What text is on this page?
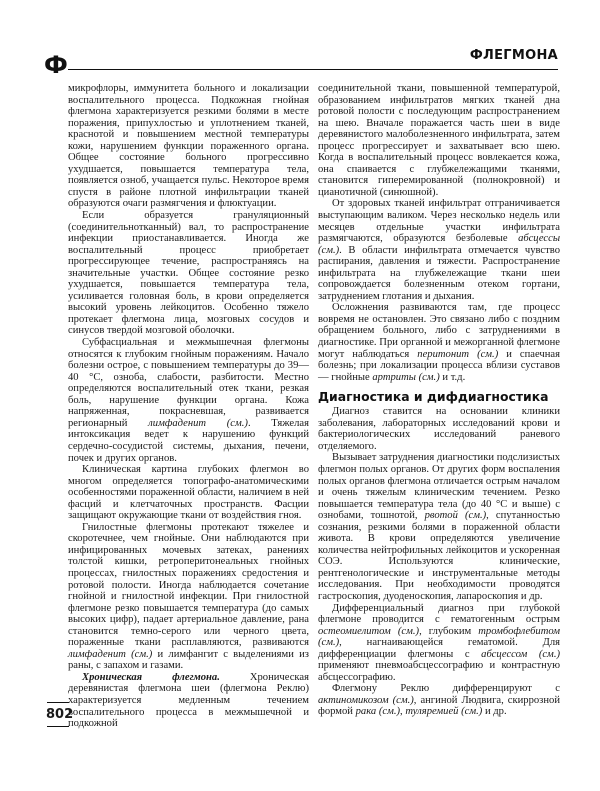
Ф	ФЛЕГМОНА

микрофлоры, иммунитета больного и локализации воспалительного процесса. Подкожная гнойная флегмона характеризуется резкими болями в месте поражения, припухлостью и уплотнением тканей, краснотой и повышением местной температуры кожи, нарушением функции пораженного органа. Общее состояние больного прогрессивно ухудшается, повышается температура тела, появляется озноб, учащается пульс. Некоторое время спустя в районе плотной инфильтрации тканей образуются очаги размягчения и флюктуации.

Если образуется грануляционный (соединительнотканный) вал, то распространение инфекции приостанавливается. Иногда же воспалительный процесс приобретает прогрессирующее течение, распространяясь на значительные участки. Общее состояние резко ухудшается, повышается температура тела, усиливается головная боль, в крови определяется высокий уровень лейкоцитов. Особенно тяжело протекает флегмона лица, мозговых сосудов и синусов твердой мозговой оболочки.

Субфасциальная и межмышечная флегмоны относятся к глубоким гнойным поражениям. Начало болезни острое, с повышением температуры до 39—40 °С, озноба, слабости, разбитости. Местно определяются воспалительный отек ткани, резкая боль, нарушение функции органа. Кожа напряженная, покрасневшая, развивается регионарный лимфаденит (см.). Тяжелая интоксикация ведет к нарушению функций сердечно-сосудистой системы, дыхания, печени, почек и других органов.

Клиническая картина глубоких флегмон во многом определяется топографо-анатомическими особенностями пораженной области, наличием в ней фасций и клетчаточных пространств. Фасции защищают окружающие ткани от воздействия гноя.

Гнилостные флегмоны протекают тяжелее и скоротечнее, чем гнойные. Они наблюдаются при инфицированных мочевых затеках, ранениях толстой кишки, ретроперитонеальных гнойных процессах, гнилостных поражениях средостения и ротовой полости. Иногда наблюдается сочетание гнойной и гнилостной инфекции. При гнилостной флегмоне резко повышается температура (до самых высоких цифр), падает артериальное давление, рана становится темно-серого или черного цвета, пораженные ткани расплавляются, развиваются лимфаденит (см.) и лимфангит с выделениями из раны, с запахом и газами.

Хроническая флегмона. Хроническая деревянистая флегмона шеи (флегмона Реклю) характеризуется медленным течением воспалительного процесса в межмышечной и подкожной

соединительной ткани, повышенной температурой, образованием инфильтратов мягких тканей дна ротовой полости с последующим распространением на шею. Вначале поражается часть шеи в виде деревянистого малоболезненного инфильтрата, затем процесс прогрессирует и захватывает всю шею. Когда в воспалительный процесс вовлекается кожа, она спаивается с глубжележащими тканями, становится гиперемированной (полнокровной) и цианотичной (синюшной).

От здоровых тканей инфильтрат отграничивается выступающим валиком. Через несколько недель или месяцев отдельные участки инфильтрата размягчаются, образуются безболевые абсцессы (см.). В области инфильтрата отмечается чувство распирания, давления и тяжести. Распространение инфильтрата на глубжележащие ткани шеи сопровождается болезненным отеком гортани, затруднением глотания и дыхания.

Осложнения развиваются там, где процесс вовремя не остановлен. Это связано либо с поздним обращением больного, либо с затруднениями в диагностике. При органной и межорганной флегмоне могут наблюдаться перитонит (см.) и спаечная болезнь; при локализации процесса вблизи суставов — гнойные артриты (см.) и т.д.

Диагностика и дифдиагностика

Диагноз ставится на основании клиники заболевания, лабораторных исследований крови и бактериологических исследований раневого отделяемого.

Вызывает затруднения диагностики подслизистых флегмон полых органов. От других форм воспаления полых органов флегмона отличается острым началом и очень тяжелым клиническим течением. Резко повышается температура тела (до 40 °С и выше) с ознобами, тошнотой, рвотой (см.), спутанностью сознания, резкими болями в пораженной области живота. В крови определяются увеличение количества нейтрофильных лейкоцитов и ускоренная СОЭ. Используются клинические, рентгенологические и инструментальные методы исследования. При необходимости проводятся гастроскопия, дуоденоскопия, лапароскопия и др.

Дифференциальный диагноз при глубокой флегмоне проводится с гематогенным острым остеомиелитом (см.), глубоким тромбофлебитом (см.), нагнаивающейся гематомой. Для дифференциации флегмоны с абсцессом (см.) применяют пневмоабсцессографию и контрастную абсцессографию.

Флегмону Реклю дифференцируют с актиномикозом (см.), ангиной Людвига, скиррозной формой рака (см.), туляремией (см.) и др.

802
